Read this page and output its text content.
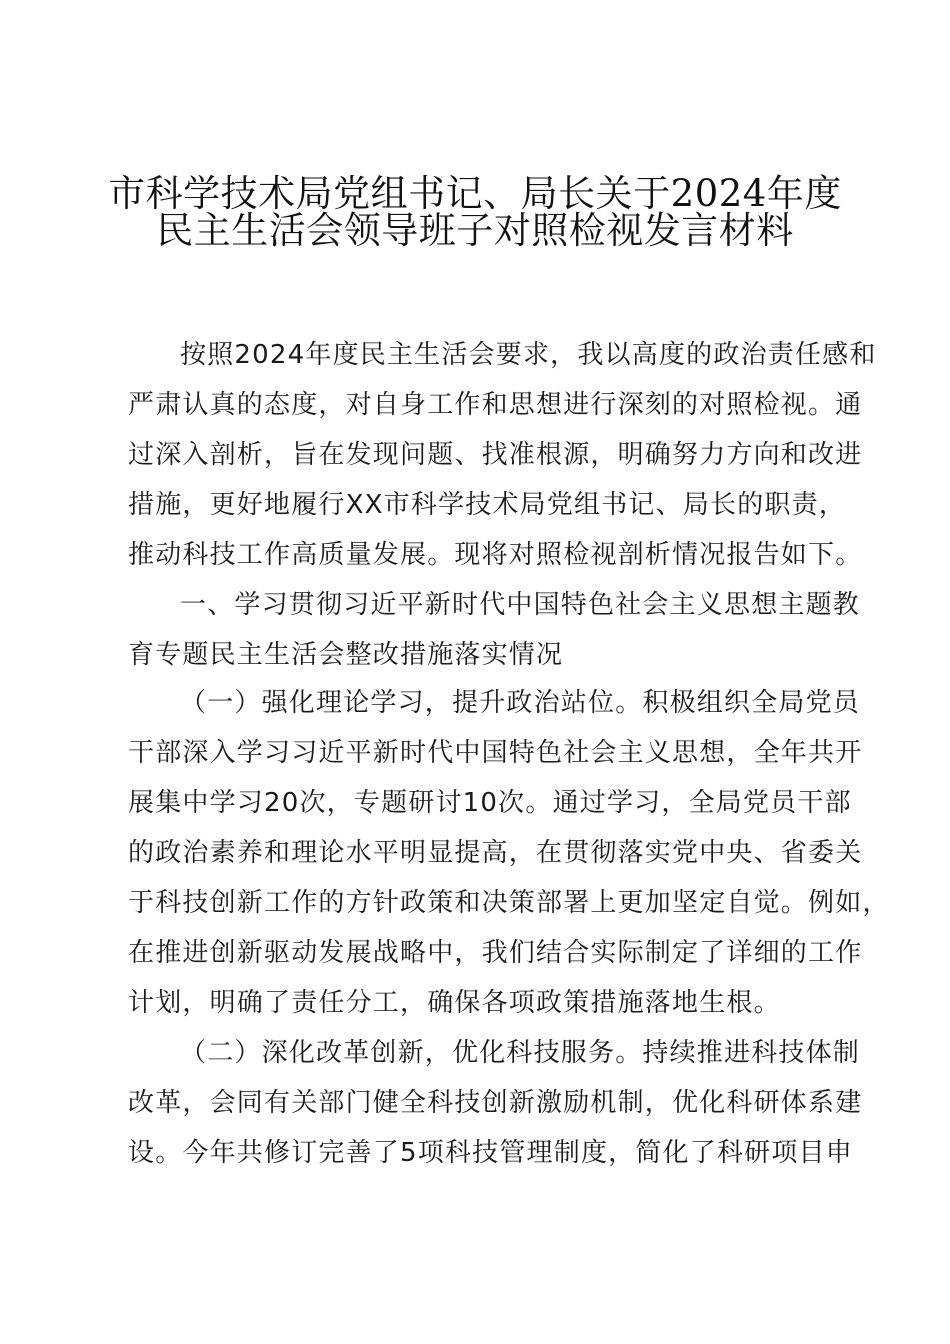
市科学技术局党组书记、局长关于2024年度
民主生活会领导班子对照检视发言材料
按照2024年度民主生活会要求，我以高度的政治责任感和
严肃认真的态度，对自身工作和思想进行深刻的对照检视。通
过深入剖析，旨在发现问题、找准根源，明确努力方向和改进
措施，更好地履行XX市科学技术局党组书记、局长的职责，
推动科技工作高质量发展。现将对照检视剖析情况报告如下。
一、学习贯彻习近平新时代中国特色社会主义思想主题教
育专题民主生活会整改措施落实情况
（一）强化理论学习，提升政治站位。积极组织全局党员
干部深入学习习近平新时代中国特色社会主义思想，全年共开
展集中学习20次，专题研讨10次。通过学习，全局党员干部
的政治素养和理论水平明显提高，在贯彻落实党中央、省委关
于科技创新工作的方针政策和决策部署上更加坚定自觉。例如，
在推进创新驱动发展战略中，我们结合实际制定了详细的工作
计划，明确了责任分工，确保各项政策措施落地生根。
（二）深化改革创新，优化科技服务。持续推进科技体制
改革，会同有关部门健全科技创新激励机制，优化科研体系建
设。今年共修订完善了5项科技管理制度，简化了科研项目申
